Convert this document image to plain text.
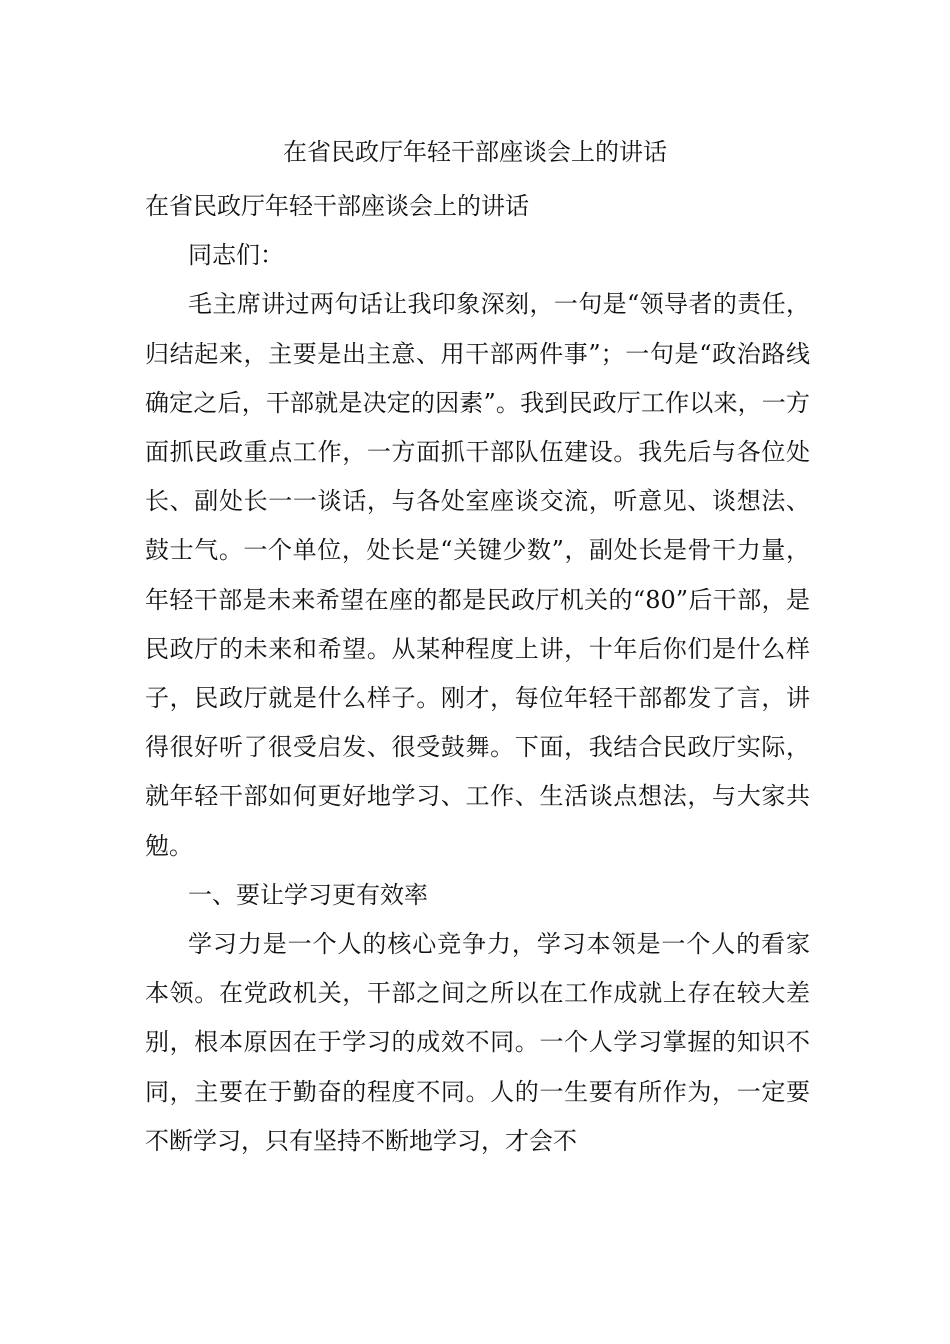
在省民政厅年轻干部座谈会上的讲话

在省民政厅年轻干部座谈会上的讲话

同志们：

毛主席讲过两句话让我印象深刻，一句是“领导者的责任，归结起来，主要是出主意、用干部两件事”；一句是“政治路线确定之后，干部就是决定的因素”。我到民政厅工作以来，一方面抓民政重点工作，一方面抓干部队伍建设。我先后与各位处长、副处长一一谈话，与各处室座谈交流，听意见、谈想法、鼓士气。一个单位，处长是“关键少数”，副处长是骨干力量，年轻干部是未来希望在座的都是民政厅机关的“80”后干部，是民政厅的未来和希望。从某种程度上讲，十年后你们是什么样子，民政厅就是什么样子。刚才，每位年轻干部都发了言，讲得很好听了很受启发、很受鼓舞。下面，我结合民政厅实际，就年轻干部如何更好地学习、工作、生活谈点想法，与大家共勉。

一、要让学习更有效率

学习力是一个人的核心竞争力，学习本领是一个人的看家本领。在党政机关，干部之间之所以在工作成就上存在较大差别，根本原因在于学习的成效不同。一个人学习掌握的知识不同，主要在于勤奋的程度不同。人的一生要有所作为，一定要不断学习，只有坚持不断地学习，才会不
